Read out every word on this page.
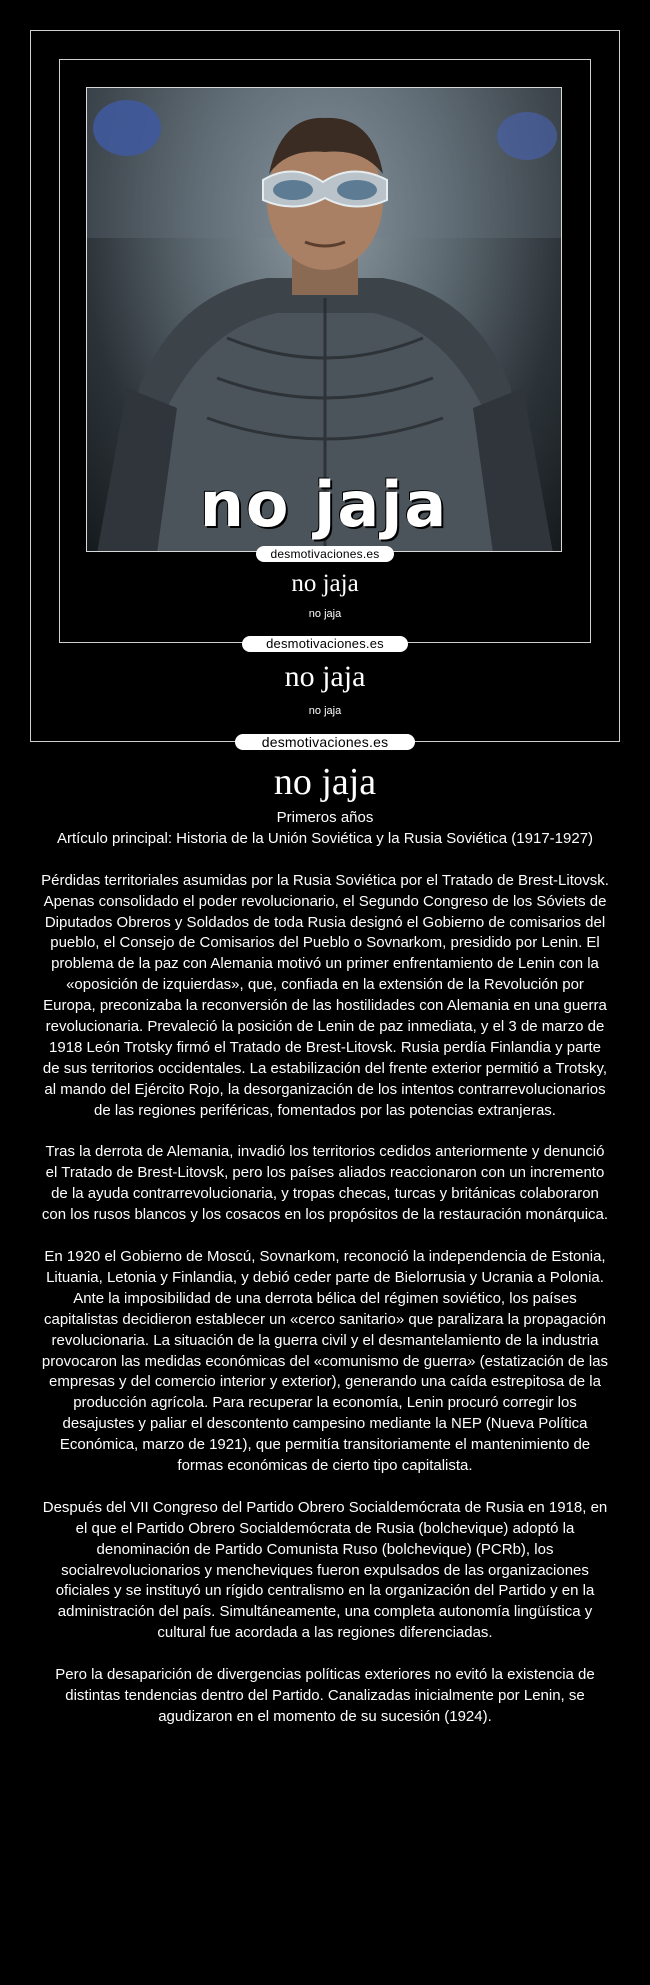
no jaja
desmotivaciones.es
no jaja
no jaja
desmotivaciones.es
no jaja
no jaja
desmotivaciones.es
no jaja
Primeros años
Artículo principal: Historia de la Unión Soviética y la Rusia Soviética (1917-1927)

Pérdidas territoriales asumidas por la Rusia Soviética por el Tratado de Brest-Litovsk.

Apenas consolidado el poder revolucionario, el Segundo Congreso de los Sóviets de Diputados Obreros y Soldados de toda Rusia designó el Gobierno de comisarios del pueblo, el Consejo de Comisarios del Pueblo o Sovnarkom, presidido por Lenin. El problema de la paz con Alemania motivó un primer enfrentamiento de Lenin con la «oposición de izquierdas», que, confiada en la extensión de la Revolución por Europa, preconizaba la reconversión de las hostilidades con Alemania en una guerra revolucionaria. Prevaleció la posición de Lenin de paz inmediata, y el 3 de marzo de 1918 León Trotsky firmó el Tratado de Brest-Litovsk. Rusia perdía Finlandia y parte de sus territorios occidentales. La estabilización del frente exterior permitió a Trotsky, al mando del Ejército Rojo, la desorganización de los intentos contrarrevolucionarios de las regiones periféricas, fomentados por las potencias extranjeras.

Tras la derrota de Alemania, invadió los territorios cedidos anteriormente y denunció el Tratado de Brest-Litovsk, pero los países aliados reaccionaron con un incremento de la ayuda contrarrevolucionaria, y tropas checas, turcas y británicas colaboraron con los rusos blancos y los cosacos en los propósitos de la restauración monárquica.

En 1920 el Gobierno de Moscú, Sovnarkom, reconoció la independencia de Estonia, Lituania, Letonia y Finlandia, y debió ceder parte de Bielorrusia y Ucrania a Polonia. Ante la imposibilidad de una derrota bélica del régimen soviético, los países capitalistas decidieron establecer un «cerco sanitario» que paralizara la propagación revolucionaria. La situación de la guerra civil y el desmantelamiento de la industria provocaron las medidas económicas del «comunismo de guerra» (estatización de las empresas y del comercio interior y exterior), generando una caída estrepitosa de la producción agrícola. Para recuperar la economía, Lenin procuró corregir los desajustes y paliar el descontento campesino mediante la NEP (Nueva Política Económica, marzo de 1921), que permitía transitoriamente el mantenimiento de formas económicas de cierto tipo capitalista.

Después del VII Congreso del Partido Obrero Socialdemócrata de Rusia en 1918, en el que el Partido Obrero Socialdemócrata de Rusia (bolchevique) adoptó la denominación de Partido Comunista Ruso (bolchevique) (PCRb), los socialrevolucionarios y mencheviques fueron expulsados de las organizaciones oficiales y se instituyó un rígido centralismo en la organización del Partido y en la administración del país. Simultáneamente, una completa autonomía lingüística y cultural fue acordada a las regiones diferenciadas.

Pero la desaparición de divergencias políticas exteriores no evitó la existencia de distintas tendencias dentro del Partido. Canalizadas inicialmente por Lenin, se agudizaron en el momento de su sucesión (1924).
